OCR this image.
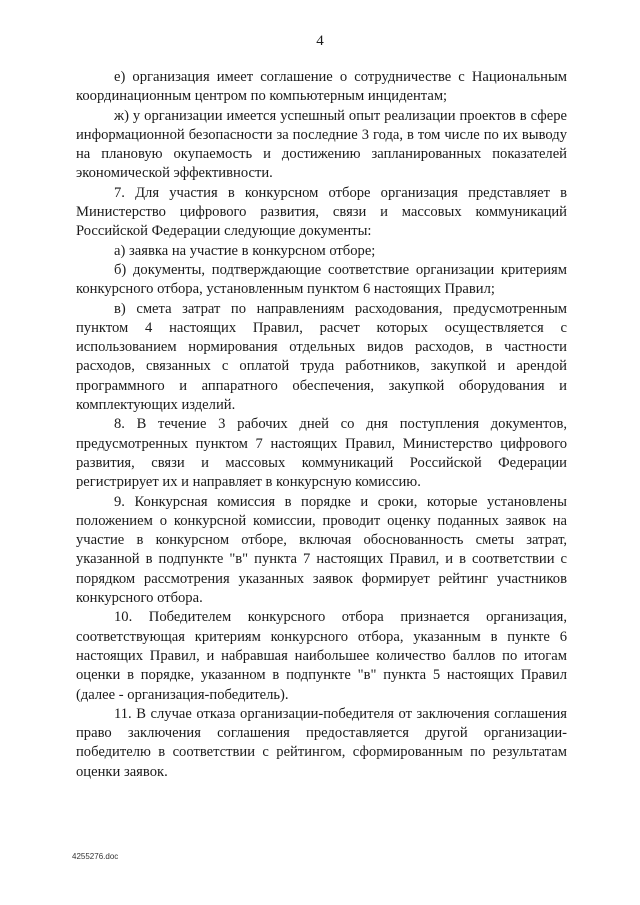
4

е) организация имеет соглашение о сотрудничестве с Национальным координационным центром по компьютерным инцидентам;

ж) у организации имеется успешный опыт реализации проектов в сфере информационной безопасности за последние 3 года, в том числе по их выводу на плановую окупаемость и достижению запланированных показателей экономической эффективности.

7. Для участия в конкурсном отборе организация представляет в Министерство цифрового развития, связи и массовых коммуникаций Российской Федерации следующие документы:

а) заявка на участие в конкурсном отборе;

б) документы, подтверждающие соответствие организации критериям конкурсного отбора, установленным пунктом 6 настоящих Правил;

в) смета затрат по направлениям расходования, предусмотренным пунктом 4 настоящих Правил, расчет которых осуществляется с использованием нормирования отдельных видов расходов, в частности расходов, связанных с оплатой труда работников, закупкой и арендой программного и аппаратного обеспечения, закупкой оборудования и комплектующих изделий.

8. В течение 3 рабочих дней со дня поступления документов, предусмотренных пунктом 7 настоящих Правил, Министерство цифрового развития, связи и массовых коммуникаций Российской Федерации регистрирует их и направляет в конкурсную комиссию.

9. Конкурсная комиссия в порядке и сроки, которые установлены положением о конкурсной комиссии, проводит оценку поданных заявок на участие в конкурсном отборе, включая обоснованность сметы затрат, указанной в подпункте "в" пункта 7 настоящих Правил, и в соответствии с порядком рассмотрения указанных заявок формирует рейтинг участников конкурсного отбора.

10. Победителем конкурсного отбора признается организация, соответствующая критериям конкурсного отбора, указанным в пункте 6 настоящих Правил, и набравшая наибольшее количество баллов по итогам оценки в порядке, указанном в подпункте "в" пункта 5 настоящих Правил (далее - организация-победитель).

11. В случае отказа организации-победителя от заключения соглашения право заключения соглашения предоставляется другой организации-победителю в соответствии с рейтингом, сформированным по результатам оценки заявок.

4255276.doc
